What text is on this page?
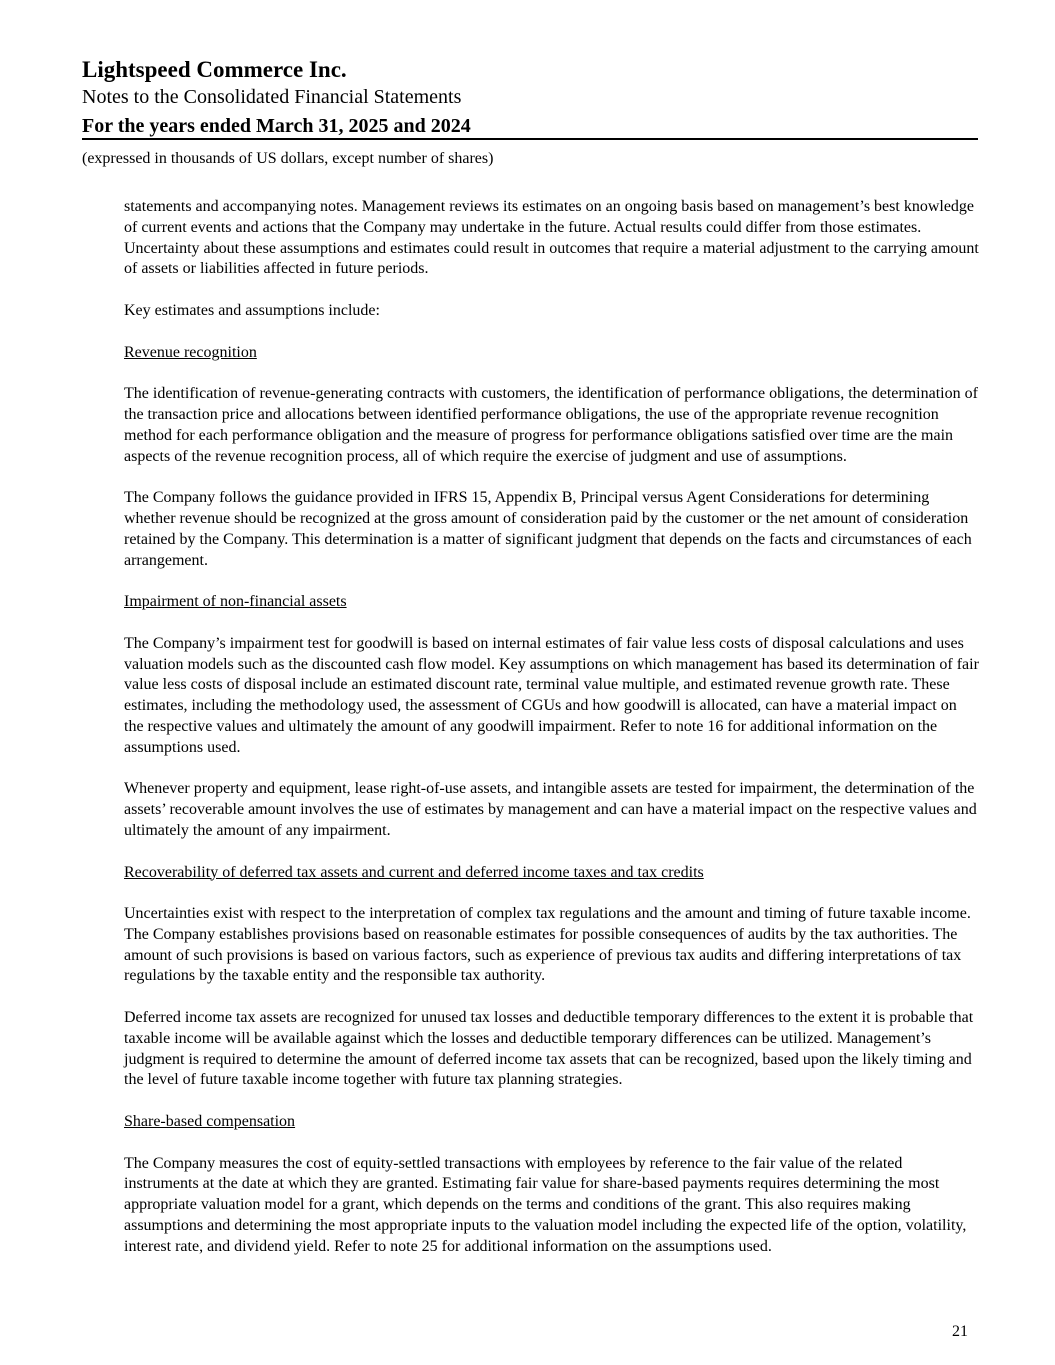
Lightspeed Commerce Inc.
Notes to the Consolidated Financial Statements
For the years ended March 31, 2025 and 2024
(expressed in thousands of US dollars, except number of shares)

statements and accompanying notes. Management reviews its estimates on an ongoing basis based on management’s best knowledge of current events and actions that the Company may undertake in the future. Actual results could differ from those estimates. Uncertainty about these assumptions and estimates could result in outcomes that require a material adjustment to the carrying amount of assets or liabilities affected in future periods.

Key estimates and assumptions include:

Revenue recognition

The identification of revenue-generating contracts with customers, the identification of performance obligations, the determination of the transaction price and allocations between identified performance obligations, the use of the appropriate revenue recognition method for each performance obligation and the measure of progress for performance obligations satisfied over time are the main aspects of the revenue recognition process, all of which require the exercise of judgment and use of assumptions.

The Company follows the guidance provided in IFRS 15, Appendix B, Principal versus Agent Considerations for determining whether revenue should be recognized at the gross amount of consideration paid by the customer or the net amount of consideration retained by the Company. This determination is a matter of significant judgment that depends on the facts and circumstances of each arrangement.

Impairment of non-financial assets

The Company’s impairment test for goodwill is based on internal estimates of fair value less costs of disposal calculations and uses valuation models such as the discounted cash flow model. Key assumptions on which management has based its determination of fair value less costs of disposal include an estimated discount rate, terminal value multiple, and estimated revenue growth rate. These estimates, including the methodology used, the assessment of CGUs and how goodwill is allocated, can have a material impact on the respective values and ultimately the amount of any goodwill impairment. Refer to note 16 for additional information on the assumptions used.

Whenever property and equipment, lease right-of-use assets, and intangible assets are tested for impairment, the determination of the assets’ recoverable amount involves the use of estimates by management and can have a material impact on the respective values and ultimately the amount of any impairment.

Recoverability of deferred tax assets and current and deferred income taxes and tax credits

Uncertainties exist with respect to the interpretation of complex tax regulations and the amount and timing of future taxable income. The Company establishes provisions based on reasonable estimates for possible consequences of audits by the tax authorities. The amount of such provisions is based on various factors, such as experience of previous tax audits and differing interpretations of tax regulations by the taxable entity and the responsible tax authority.

Deferred income tax assets are recognized for unused tax losses and deductible temporary differences to the extent it is probable that taxable income will be available against which the losses and deductible temporary differences can be utilized. Management’s judgment is required to determine the amount of deferred income tax assets that can be recognized, based upon the likely timing and the level of future taxable income together with future tax planning strategies.

Share-based compensation

The Company measures the cost of equity-settled transactions with employees by reference to the fair value of the related instruments at the date at which they are granted. Estimating fair value for share-based payments requires determining the most appropriate valuation model for a grant, which depends on the terms and conditions of the grant. This also requires making assumptions and determining the most appropriate inputs to the valuation model including the expected life of the option, volatility, interest rate, and dividend yield. Refer to note 25 for additional information on the assumptions used.

21
